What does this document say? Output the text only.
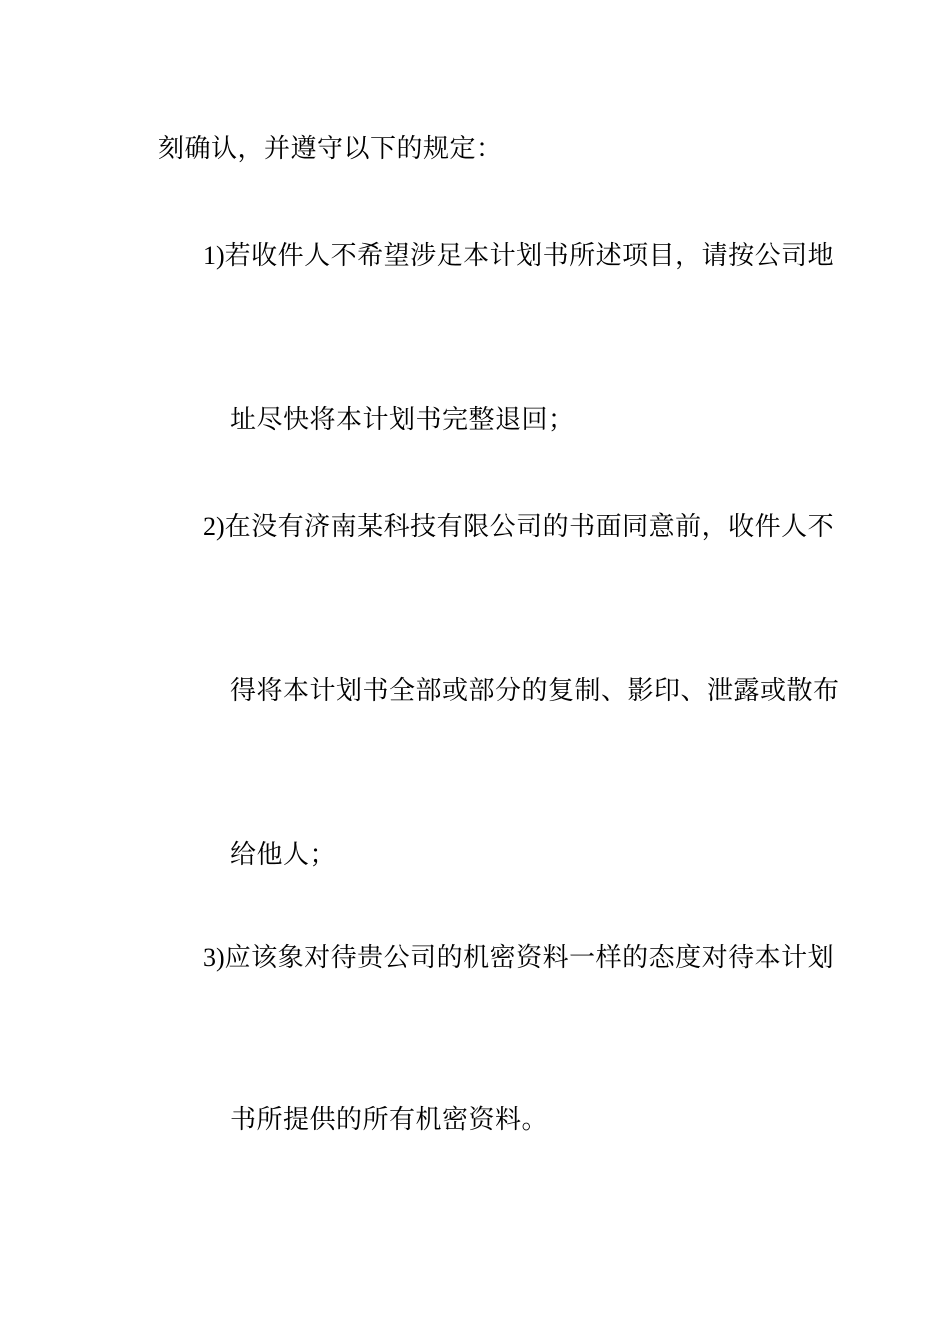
刻确认，并遵守以下的规定：
1)若收件人不希望涉足本计划书所述项目，请按公司地
址尽快将本计划书完整退回；
2)在没有济南某科技有限公司的书面同意前，收件人不
得将本计划书全部或部分的复制、影印、泄露或散布
给他人；
3)应该象对待贵公司的机密资料一样的态度对待本计划
书所提供的所有机密资料。
